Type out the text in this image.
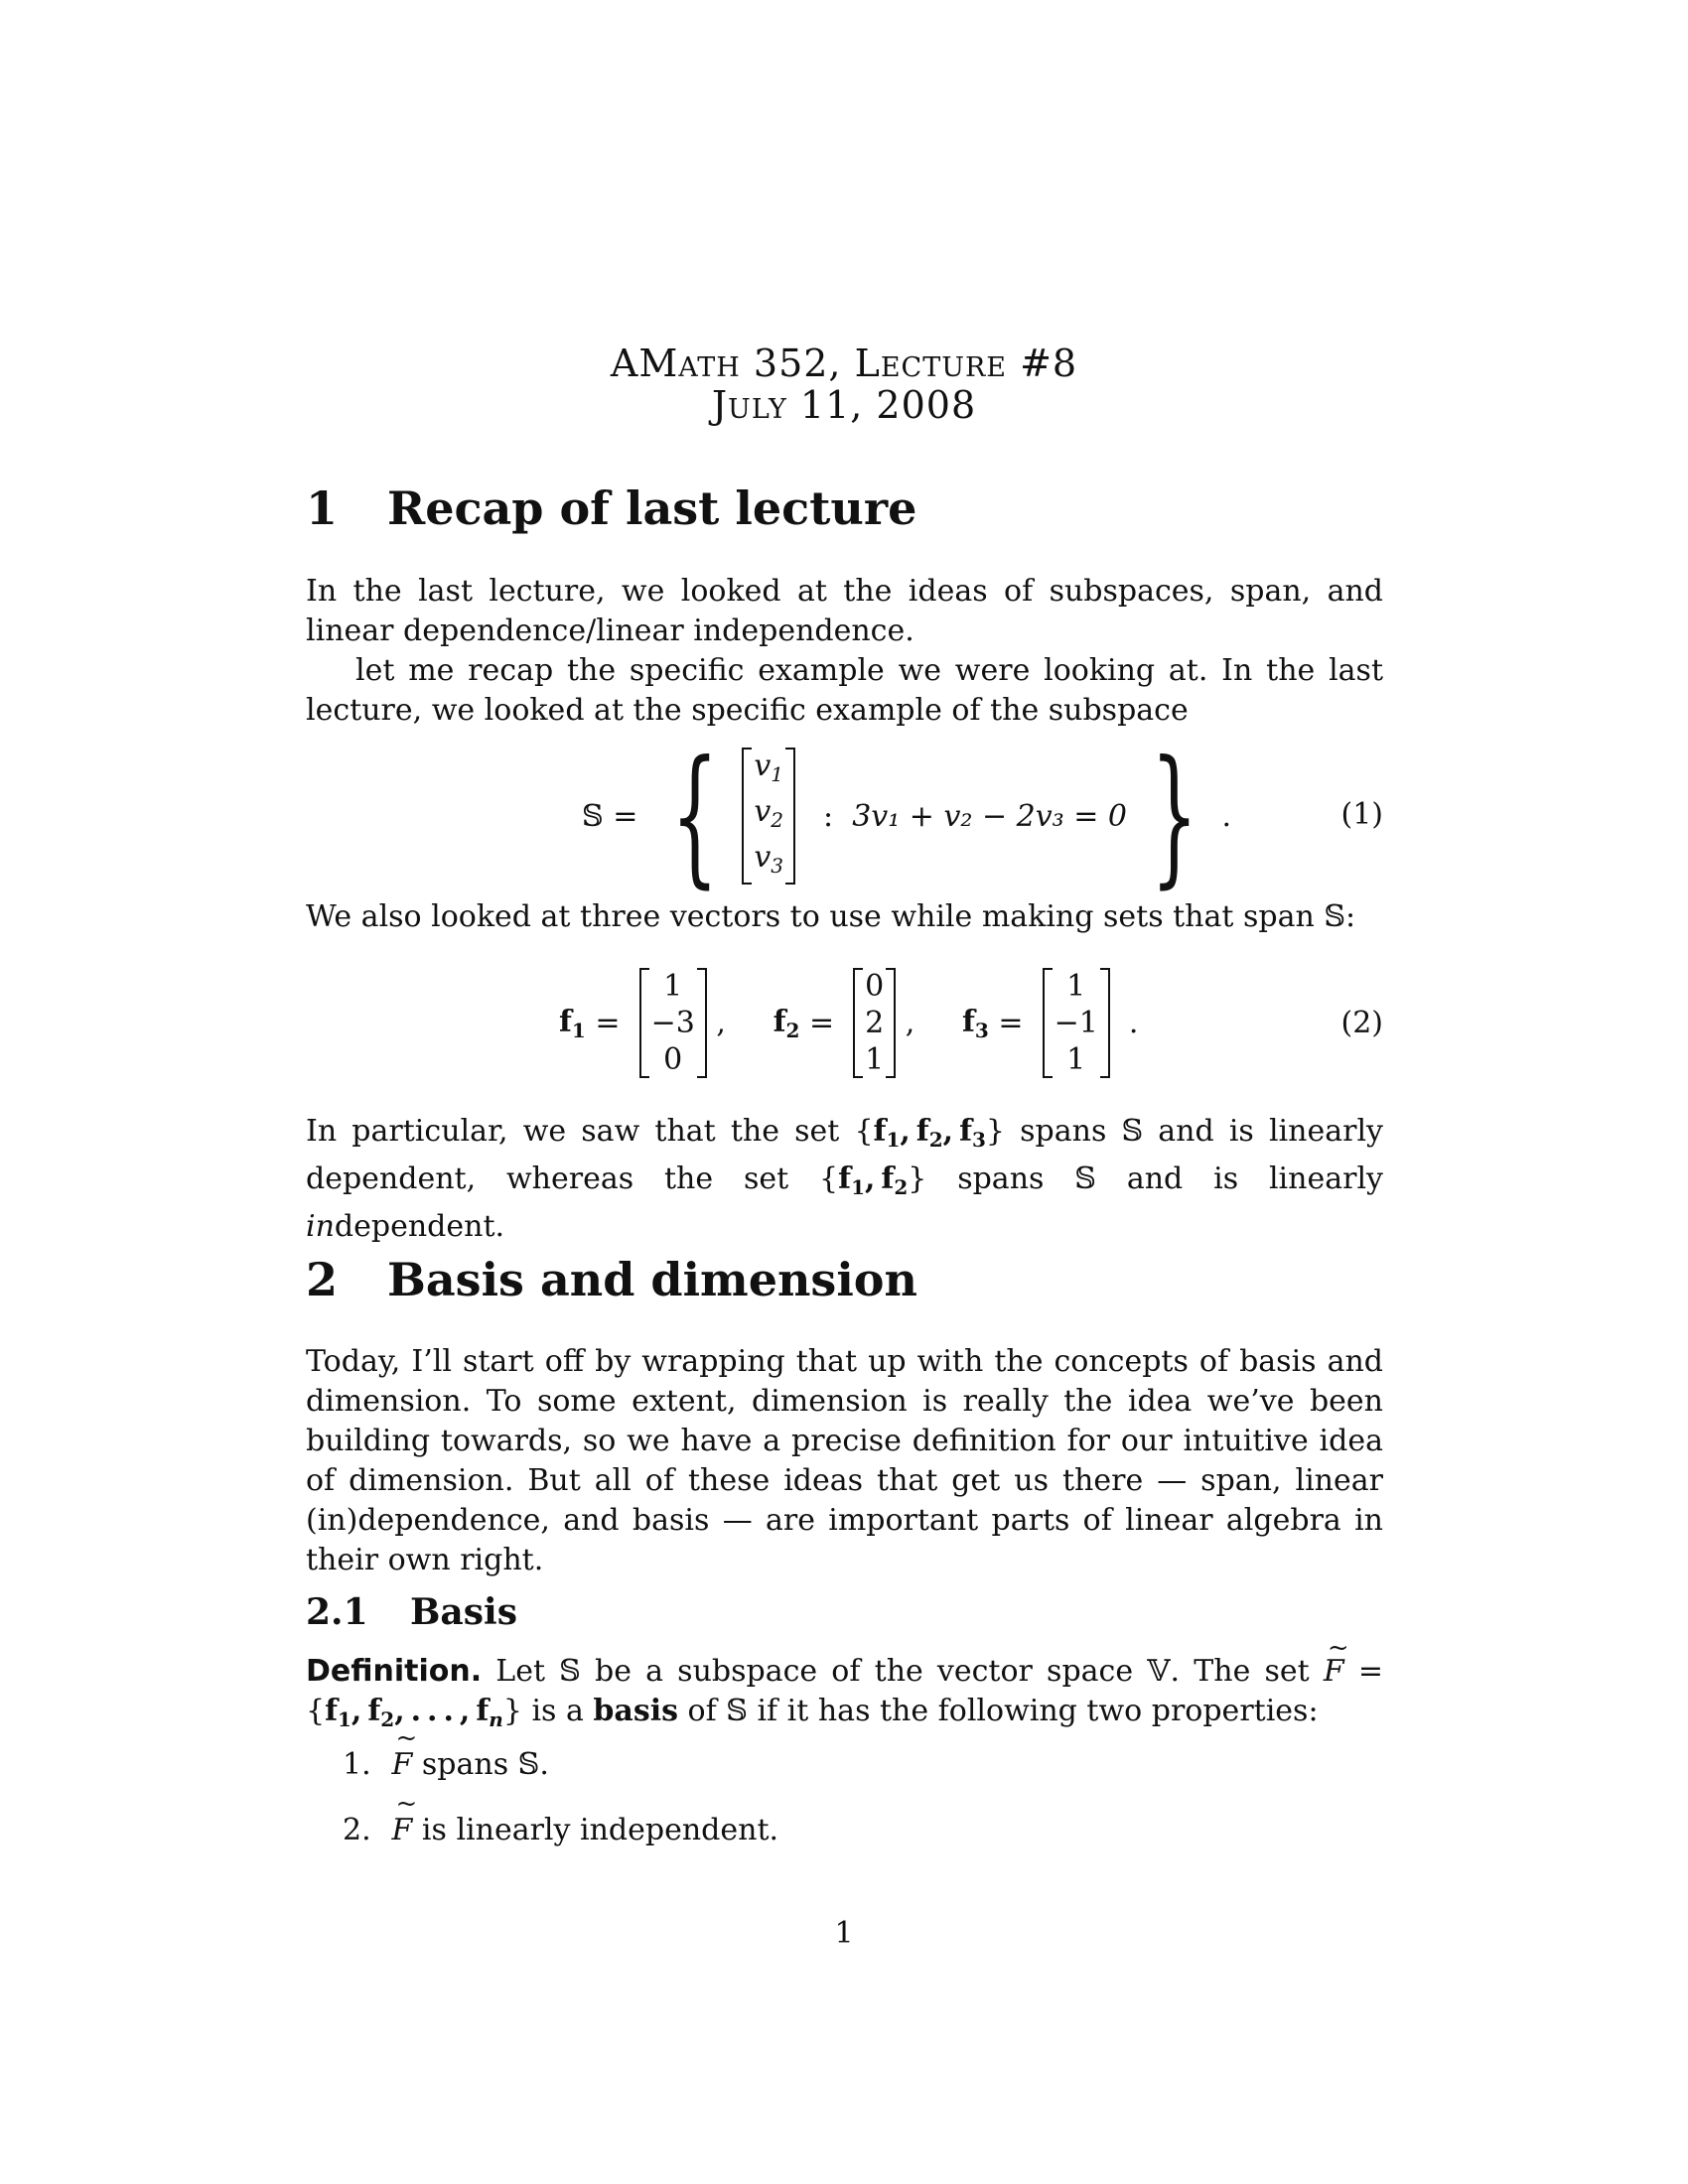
AMath 352, Lecture #8
July 11, 2008
1	Recap of last lecture

In the last lecture, we looked at the ideas of subspaces, span, and linear dependence/linear independence.

let me recap the specific example we were looking at. In the last lecture, we looked at the specific example of the subspace

𝕊 = { $v_1$
$v_2$
$v_3$
: 3v₁ + v₂ − 2v₃ = 0 } .	(1)

We also looked at three vectors to use while making sets that span 𝕊:

$f_1$ =
1
−3
0
, $f_2$ =
0
2
1
, $f_3$ =
1
−1
1
.	(2)

In particular, we saw that the set {$f_1$, $f_2$, $f_3$} spans 𝕊 and is linearly dependent, whereas the set {$f_1$, $f_2$} spans 𝕊 and is linearly independent.

2	Basis and dimension

Today, I’ll start off by wrapping that up with the concepts of basis and dimension. To some extent, dimension is really the idea we’ve been building towards, so we have a precise definition for our intuitive idea of dimension. But all of these ideas that get us there — span, linear (in)dependence, and basis — are important parts of linear algebra in their own right.

2.1	Basis

Definition. Let 𝕊 be a subspace of the vector space 𝕍. The set ~ $F = \{f_1$, $f_2$, . . . , $f_n$} is a basis of 𝕊 if it has the following two properties:

1. ~ F spans 𝕊.
2. ~ F is linearly independent.
1
